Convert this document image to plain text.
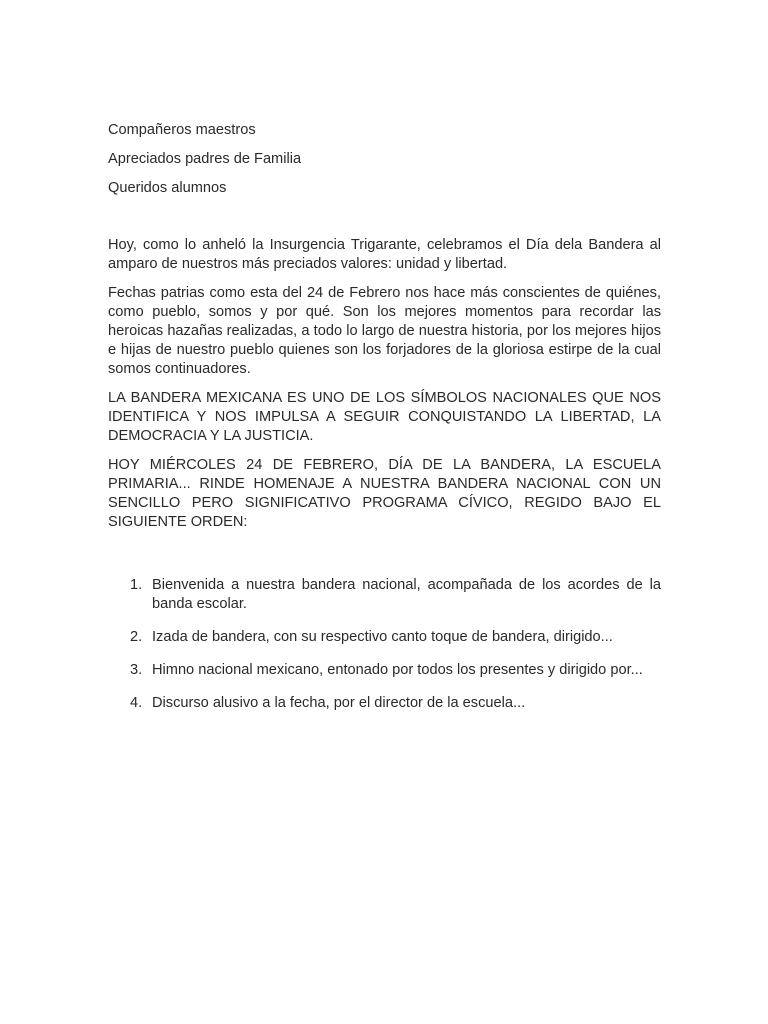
Compañeros maestros

Apreciados padres de Familia

Queridos alumnos

Hoy, como lo anheló la Insurgencia Trigarante, celebramos el Día dela Bandera al amparo de nuestros más preciados valores: unidad y libertad.

Fechas patrias como esta del 24 de Febrero nos hace más conscientes de quiénes, como pueblo, somos y por qué. Son los mejores momentos para recordar las heroicas hazañas realizadas, a todo lo largo de nuestra historia, por los mejores hijos e hijas de nuestro pueblo quienes son los forjadores de la gloriosa estirpe de la cual somos continuadores.

LA BANDERA MEXICANA ES UNO DE LOS SÍMBOLOS NACIONALES QUE NOS IDENTIFICA Y NOS IMPULSA A SEGUIR CONQUISTANDO LA LIBERTAD, LA DEMOCRACIA Y LA JUSTICIA.

HOY MIÉRCOLES 24 DE FEBRERO, DÍA DE LA BANDERA, LA ESCUELA PRIMARIA... RINDE HOMENAJE A NUESTRA BANDERA NACIONAL CON UN SENCILLO PERO SIGNIFICATIVO PROGRAMA CÍVICO, REGIDO BAJO EL SIGUIENTE ORDEN:

1. Bienvenida a nuestra bandera nacional, acompañada de los acordes de la banda escolar.
2. Izada de bandera, con su respectivo canto toque de bandera, dirigido...
3. Himno nacional mexicano, entonado por todos los presentes y dirigido por...
4. Discurso alusivo a la fecha, por el director de la escuela...
